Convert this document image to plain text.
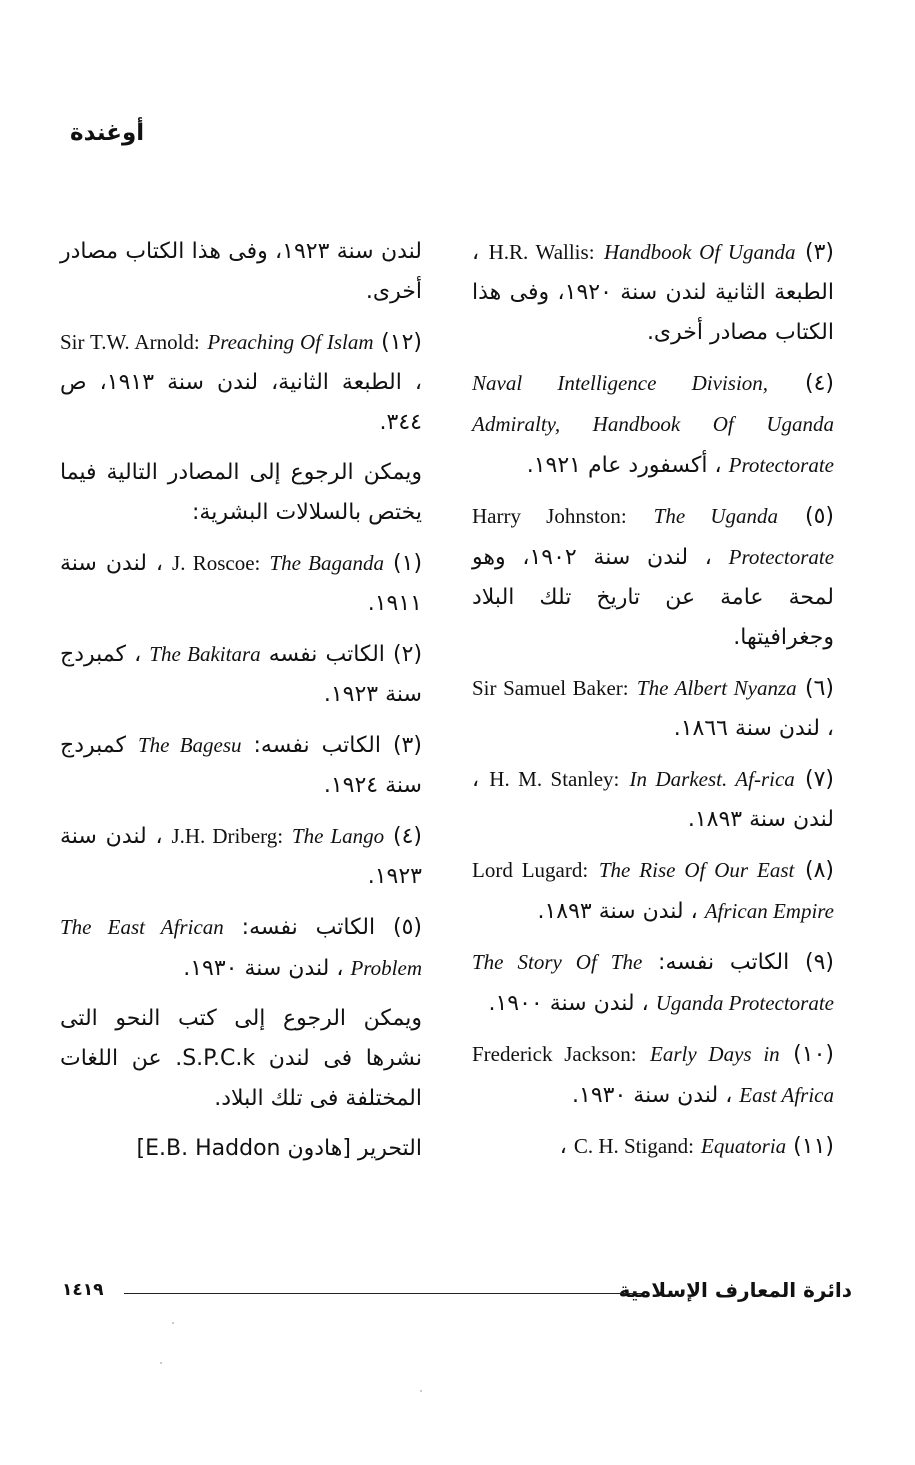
أوغندة
(٣) H.R. Wallis: Handbook Of Uganda ، الطبعة الثانية لندن سنة ١٩٢٠، وفى هذا الكتاب مصادر أخرى.
(٤) Naval Intelligence Division, Admiralty, Handbook Of Uganda Protectorate ، أكسفورد عام ١٩٢١.
(٥) Harry Johnston: The Uganda Protectorate ، لندن سنة ١٩٠٢، وهو لمحة عامة عن تاريخ تلك البلاد وجغرافيتها.
(٦) Sir Samuel Baker: The Albert Nyanza ، لندن سنة ١٨٦٦.
(٧) H. M. Stanley: In Darkest. Af-rica ، لندن سنة ١٨٩٣.
(٨) Lord Lugard: The Rise Of Our East African Empire ، لندن سنة ١٨٩٣.
(٩) الكاتب نفسه: The Story Of The Uganda Protectorate ، لندن سنة ١٩٠٠.
(١٠) Frederick Jackson: Early Days in East Africa ، لندن سنة ١٩٣٠.
(١١) C. H. Stigand: Equatoria ،
لندن سنة ١٩٢٣، وفى هذا الكتاب مصادر أخرى.
(١٢) Sir T.W. Arnold: Preaching Of Islam ، الطبعة الثانية، لندن سنة ١٩١٣، ص ٣٤٤.
ويمكن الرجوع إلى المصادر التالية فيما يختص بالسلالات البشرية:
(١) J. Roscoe: The Baganda ، لندن سنة ١٩١١.
(٢) الكاتب نفسه The Bakitara ، كمبردج سنة ١٩٢٣.
(٣) الكاتب نفسه: The Bagesu كمبردج سنة ١٩٢٤.
(٤) J.H. Driberg: The Lango ، لندن سنة ١٩٢٣.
(٥) الكاتب نفسه: The East African Problem ، لندن سنة ١٩٣٠.
ويمكن الرجوع إلى كتب النحو التى نشرها فى لندن S.P.C.k. عن اللغات المختلفة فى تلك البلاد.
التحرير [هادون E.B. Haddon]
دائرة المعارف الإسلامية
١٤١٩
